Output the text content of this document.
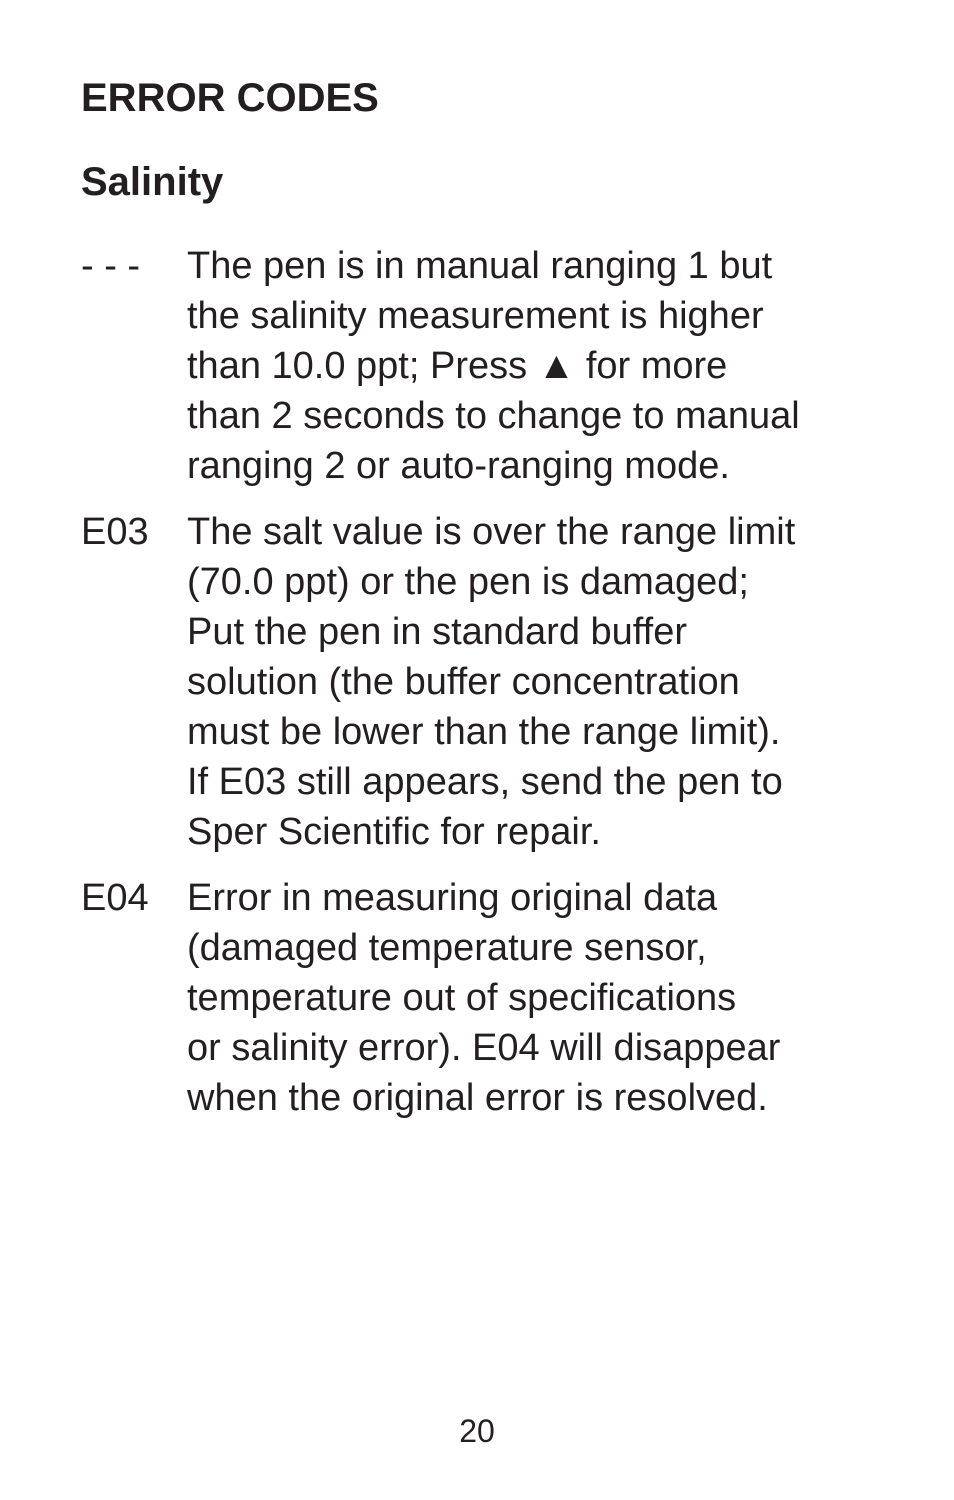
ERROR CODES
Salinity
- - -	The pen is in manual ranging 1 but
the salinity measurement is higher
than 10.0 ppt; Press ▲ for more
than 2 seconds to change to manual
ranging 2 or auto-ranging mode.
E03	The salt value is over the range limit
(70.0 ppt) or the pen is damaged;
Put the pen in standard buffer
solution (the buffer concentration
must be lower than the range limit).
If E03 still appears, send the pen to
Sper Scientific for repair.
E04	Error in measuring original data
(damaged temperature sensor,
temperature out of specifications
or salinity error). E04 will disappear
when the original error is resolved.
20
